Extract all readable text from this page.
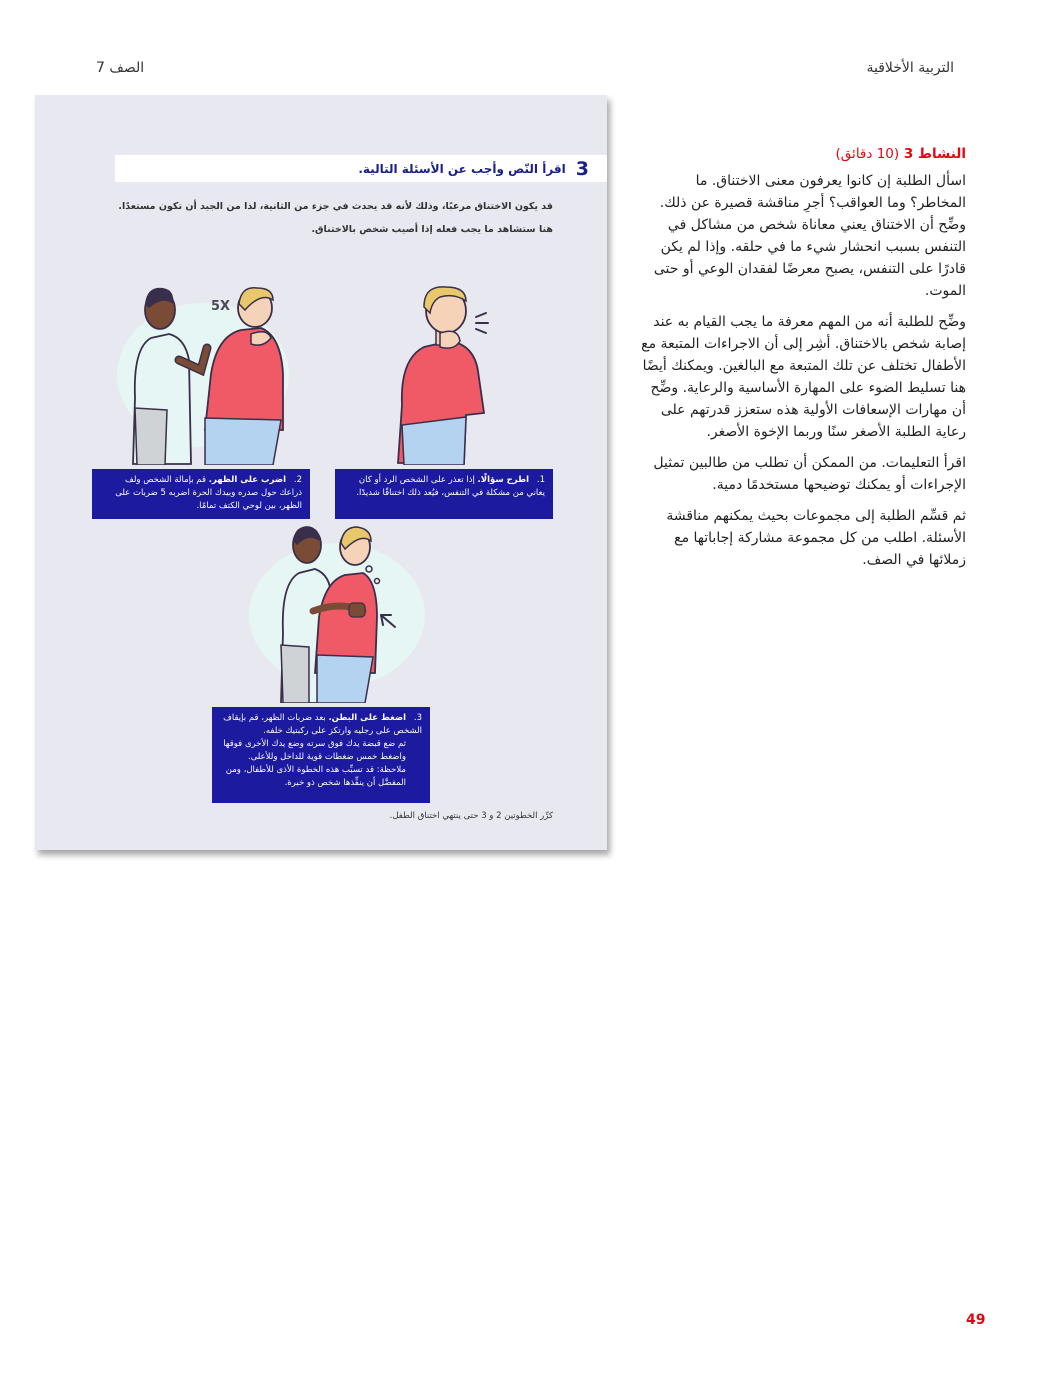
التربية الأخلاقية
الصف 7
النشاط 3 (10 دقائق)

اسأل الطلبة إن كانوا يعرفون معنى الاختناق. ما المخاطر؟ وما العواقب؟ أجرِ مناقشة قصيرة عن ذلك. وضِّح أن الاختناق يعني معاناة شخص من مشاكل في التنفس بسبب انحشار شيء ما في حلقه. وإذا لم يكن قادرًا على التنفس، يصبح معرضًا لفقدان الوعي أو حتى الموت.

وضِّح للطلبة أنه من المهم معرفة ما يجب القيام به عند إصابة شخص بالاختناق. أشِر إلى أن الاجراءات المتبعة مع الأطفال تختلف عن تلك المتبعة مع البالغين. ويمكنك أيضًا هنا تسليط الضوء على المهارة الأساسية والرعاية. وضِّح أن مهارات الإسعافات الأولية هذه ستعزز قدرتهم على رعاية الطلبة الأصغر سنًا وربما الإخوة الأصغر.

اقرأ التعليمات. من الممكن أن تطلب من طالبين تمثيل الإجراءات أو يمكنك توضيحها مستخدمًا دمية.

ثم قسِّم الطلبة إلى مجموعات بحيث يمكنهم مناقشة الأسئلة. اطلب من كل مجموعة مشاركة إجاباتها مع زملائها في الصف.

3
اقرأ النّص وأجب عن الأسئلة التالية.

قد يكون الاختناق مرعبًا، وذلك لأنه قد يحدث في جزء من الثانية، لذا من الجيد أن تكون مستعدًا. هنا ستشاهد ما يجب فعله إذا أصيب شخص بالاختناق.

5X
1.اطرح سؤالًا. إذا تعذر على الشخص الرد أو كان يعاني من مشكلة في التنفس، فيُعد ذلك اختناقًا شديدًا.
2.اضرب على الظهر. قم بإمالة الشخص ولف ذراعك حول صدره وبيدك الحرة اضربه 5 ضربات على الظهر، بين لوحي الكتف تمامًا.
3.اضغط على البطن. بعد ضربات الظهر، قم بإيقاف الشخص على رجليه وارتكز على ركبتيك خلفه.
ثم ضع قبضة يدك فوق سرته وضع يدك الأخرى فوقها واضغط خمس ضغطات قوية للداخل وللأعلى.
ملاحظة: قد تسبِّب هذه الخطوة الأذى للأطفال، ومن المفضَّل أن ينفِّذها شخص ذو خبرة.

كرِّر الخطوتين 2 و 3 حتى ينتهي اختناق الطفل.

49
